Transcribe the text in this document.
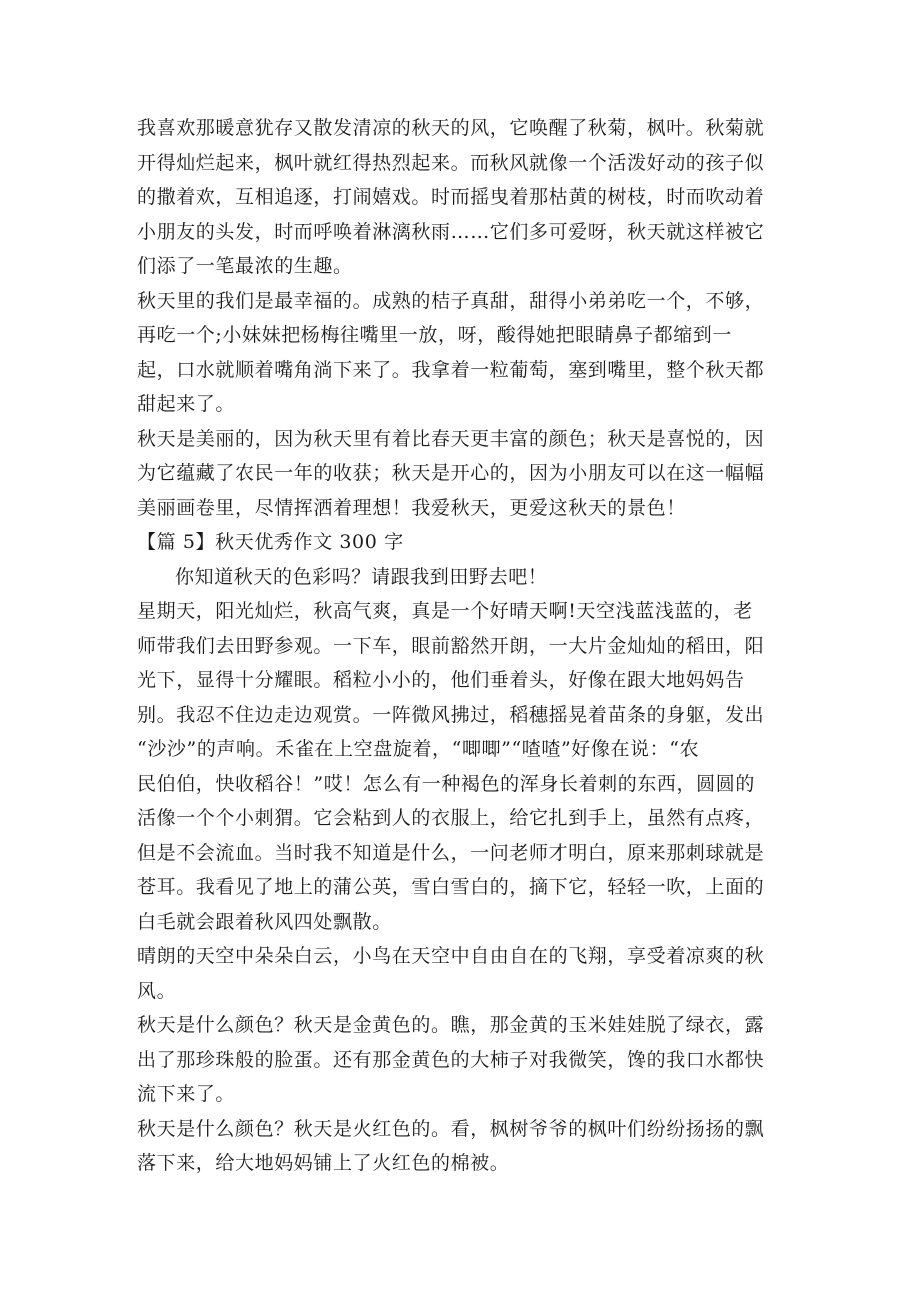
我喜欢那暖意犹存又散发清凉的秋天的风，它唤醒了秋菊，枫叶。秋菊就
开得灿烂起来，枫叶就红得热烈起来。而秋风就像一个活泼好动的孩子似
的撒着欢，互相追逐，打闹嬉戏。时而摇曳着那枯黄的树枝，时而吹动着
小朋友的头发，时而呼唤着淋漓秋雨……它们多可爱呀，秋天就这样被它
们添了一笔最浓的生趣。
秋天里的我们是最幸福的。成熟的桔子真甜，甜得小弟弟吃一个，不够，
再吃一个;小妹妹把杨梅往嘴里一放，呀，酸得她把眼睛鼻子都缩到一
起，口水就顺着嘴角淌下来了。我拿着一粒葡萄，塞到嘴里，整个秋天都
甜起来了。
秋天是美丽的，因为秋天里有着比春天更丰富的颜色；秋天是喜悦的，因
为它蕴藏了农民一年的收获；秋天是开心的，因为小朋友可以在这一幅幅
美丽画卷里，尽情挥洒着理想！我爱秋天，更爱这秋天的景色！
【篇 5】秋天优秀作文 300 字
你知道秋天的色彩吗？请跟我到田野去吧！
星期天，阳光灿烂，秋高气爽，真是一个好晴天啊!天空浅蓝浅蓝的，老
师带我们去田野参观。一下车，眼前豁然开朗，一大片金灿灿的稻田，阳
光下，显得十分耀眼。稻粒小小的，他们垂着头，好像在跟大地妈妈告
别。我忍不住边走边观赏。一阵微风拂过，稻穗摇晃着苗条的身躯，发出
“沙沙”的声响。禾雀在上空盘旋着，“唧唧”“喳喳”好像在说：“农
民伯伯，快收稻谷！”哎！怎么有一种褐色的浑身长着刺的东西，圆圆的
活像一个个小刺猬。它会粘到人的衣服上，给它扎到手上，虽然有点疼，
但是不会流血。当时我不知道是什么，一问老师才明白，原来那刺球就是
苍耳。我看见了地上的蒲公英，雪白雪白的，摘下它，轻轻一吹，上面的
白毛就会跟着秋风四处飘散。
晴朗的天空中朵朵白云，小鸟在天空中自由自在的飞翔，享受着凉爽的秋
风。
秋天是什么颜色？秋天是金黄色的。瞧，那金黄的玉米娃娃脱了绿衣，露
出了那珍珠般的脸蛋。还有那金黄色的大柿子对我微笑，馋的我口水都快
流下来了。
秋天是什么颜色？秋天是火红色的。看，枫树爷爷的枫叶们纷纷扬扬的飘
落下来，给大地妈妈铺上了火红色的棉被。
